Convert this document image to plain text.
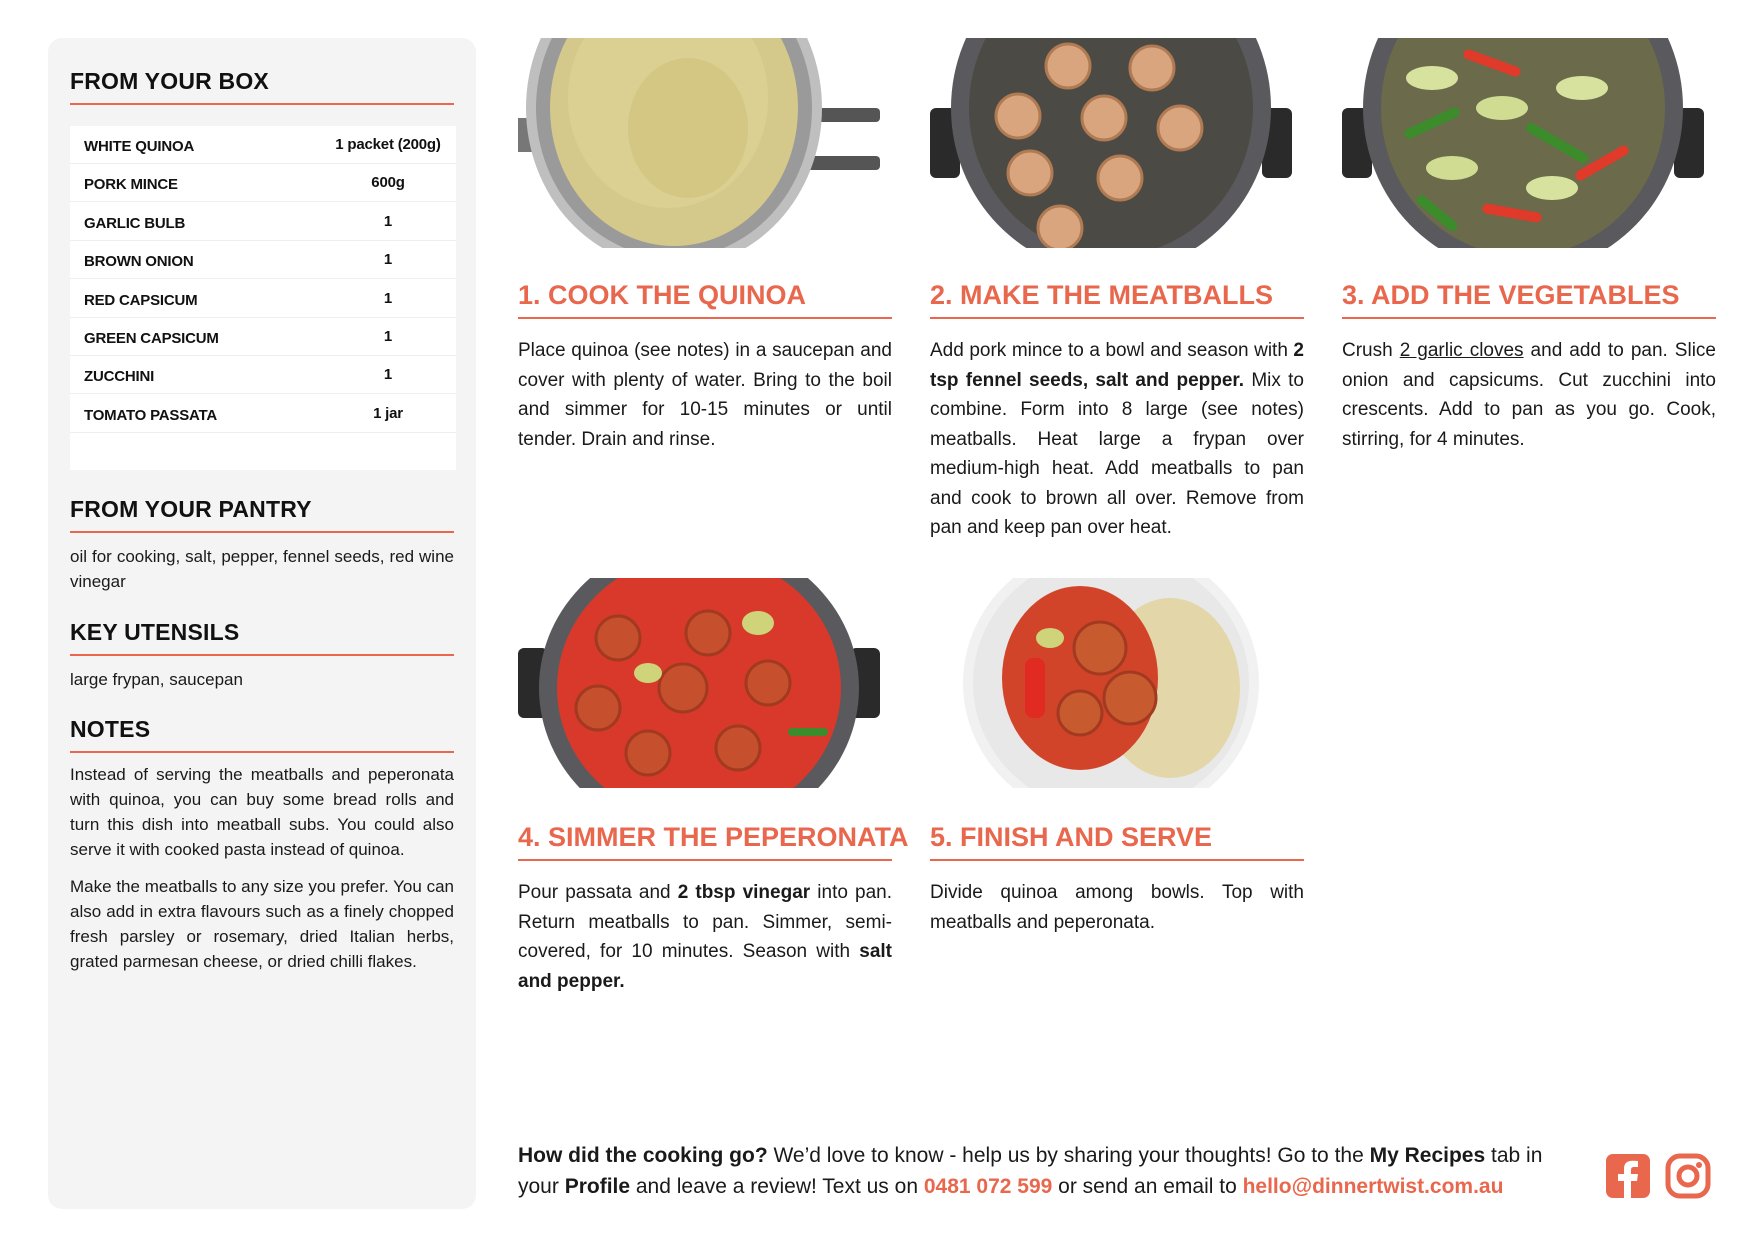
FROM YOUR BOX
WHITE QUINOA	1 packet (200g)
PORK MINCE	600g
GARLIC BULB	1
BROWN ONION	1
RED CAPSICUM	1
GREEN CAPSICUM	1
ZUCCHINI	1
TOMATO PASSATA	1 jar
FROM YOUR PANTRY
oil for cooking, salt, pepper, fennel seeds, red wine vinegar
KEY UTENSILS
large frypan, saucepan
NOTES
Instead of serving the meatballs and peperonata with quinoa, you can buy some bread rolls and turn this dish into meatball subs. You could also serve it with cooked pasta instead of quinoa.
Make the meatballs to any size you prefer. You can also add in extra flavours such as a finely chopped fresh parsley or rosemary, dried Italian herbs, grated parmesan cheese, or dried chilli flakes.
1. COOK THE QUINOA
Place quinoa (see notes) in a saucepan and cover with plenty of water. Bring to the boil and simmer for 10-15 minutes or until tender. Drain and rinse.
2. MAKE THE MEATBALLS
Add pork mince to a bowl and season with 2 tsp fennel seeds, salt and pepper. Mix to combine. Form into 8 large (see notes) meatballs. Heat large a frypan over medium-high heat. Add meatballs to pan and cook to brown all over. Remove from pan and keep pan over heat.
3. ADD THE VEGETABLES
Crush 2 garlic cloves and add to pan. Slice onion and capsicums. Cut zucchini into crescents. Add to pan as you go. Cook, stirring, for 4 minutes.
4. SIMMER THE PEPERONATA
Pour passata and 2 tbsp vinegar into pan. Return meatballs to pan. Simmer, semi-covered, for 10 minutes. Season with salt and pepper.
5. FINISH AND SERVE
Divide quinoa among bowls. Top with meatballs and peperonata.
How did the cooking go? We’d love to know - help us by sharing your thoughts! Go to the My Recipes tab in your Profile and leave a review! Text us on 0481 072 599 or send an email to hello@dinnertwist.com.au
